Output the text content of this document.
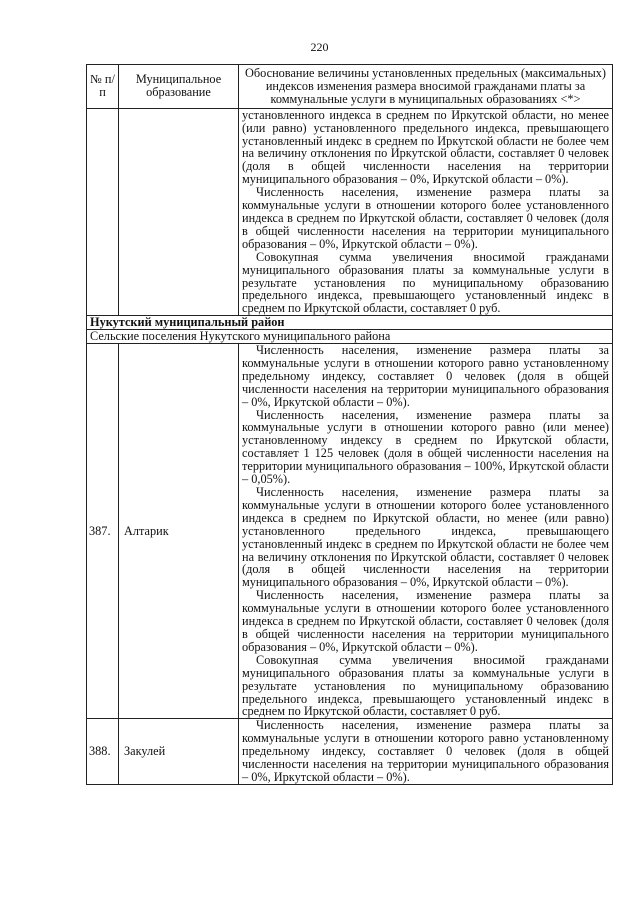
220
№ п/п	Муниципальное образование	Обоснование величины установленных предельных (максимальных) индексов изменения размера вносимой гражданами платы за коммунальные услуги в муниципальных образованиях <*>

		установленного индекса в среднем по Иркутской области, но менее (или равно) установленного предельного индекса, превышающего установленный индекс в среднем по Иркутской области не более чем на величину отклонения по Иркутской области, составляет 0 человек (доля в общей численности населения на территории муниципального образования – 0%, Иркутской области – 0%).

Численность населения, изменение размера платы за коммунальные услуги в отношении которого более установленного индекса в среднем по Иркутской области, составляет 0 человек (доля в общей численности населения на территории муниципального образования – 0%, Иркутской области – 0%).

Совокупная сумма увеличения вносимой гражданами муниципального образования платы за коммунальные услуги в результате установления по муниципальному образованию предельного индекса, превышающего установленный индекс в среднем по Иркутской области, составляет 0 руб.

Нукутский муниципальный район		
Сельские поселения Нукутского муниципального района		
387.	Алтарик	Численность населения, изменение размера платы за коммунальные услуги в отношении которого равно установленному предельному индексу, составляет 0 человек (доля в общей численности населения на территории муниципального образования – 0%, Иркутской области – 0%).

Численность населения, изменение размера платы за коммунальные услуги в отношении которого равно (или менее) установленному индексу в среднем по Иркутской области, составляет 1 125 человек (доля в общей численности населения на территории муниципального образования – 100%, Иркутской области – 0,05%).

Численность населения, изменение размера платы за коммунальные услуги в отношении которого более установленного индекса в среднем по Иркутской области, но менее (или равно) установленного предельного индекса, превышающего установленный индекс в среднем по Иркутской области не более чем на величину отклонения по Иркутской области, составляет 0 человек (доля в общей численности населения на территории муниципального образования – 0%, Иркутской области – 0%).

Численность населения, изменение размера платы за коммунальные услуги в отношении которого более установленного индекса в среднем по Иркутской области, составляет 0 человек (доля в общей численности населения на территории муниципального образования – 0%, Иркутской области – 0%).

Совокупная сумма увеличения вносимой гражданами муниципального образования платы за коммунальные услуги в результате установления по муниципальному образованию предельного индекса, превышающего установленный индекс в среднем по Иркутской области, составляет 0 руб.

388.	Закулей	Численность населения, изменение размера платы за коммунальные услуги в отношении которого равно установленному предельному индексу, составляет 0 человек (доля в общей численности населения на территории муниципального образования – 0%, Иркутской области – 0%).
